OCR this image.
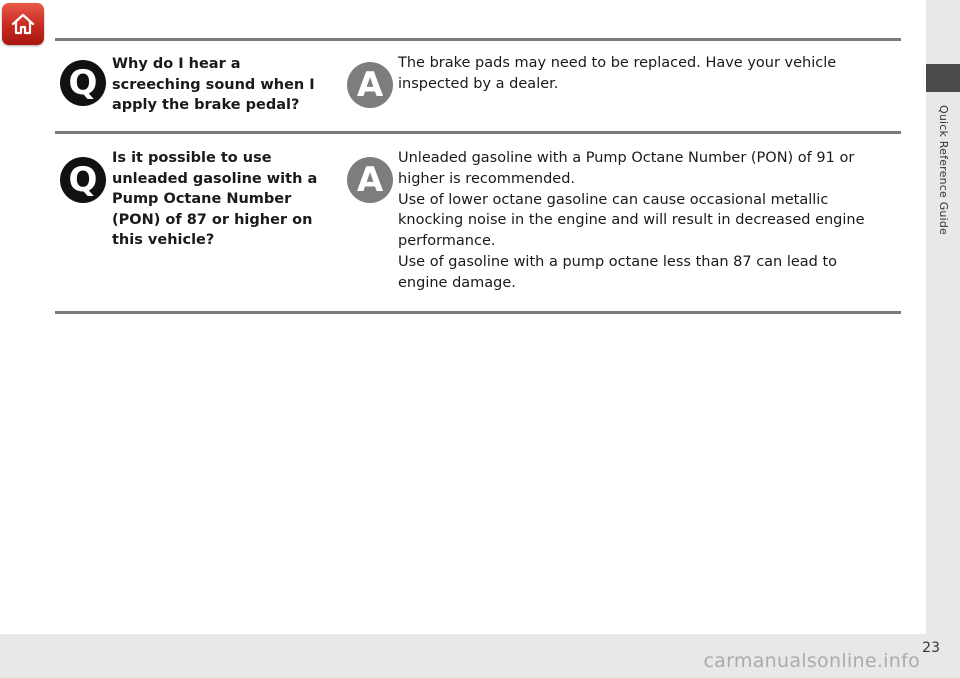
Quick Reference Guide
Q	Why do I hear a screeching sound when I apply the brake pedal?	A

The brake pads may need to be replaced. Have your vehicle inspected by a dealer.

Q
Is it possible to use unleaded gasoline with a Pump Octane Number (PON) of 87 or higher on this vehicle?
A

Unleaded gasoline with a Pump Octane Number (PON) of 91 or higher is recommended.

Use of lower octane gasoline can cause occasional metallic knocking noise in the engine and will result in decreased engine performance.

Use of gasoline with a pump octane less than 87 can lead to engine damage.

23
carmanualsonline.info
